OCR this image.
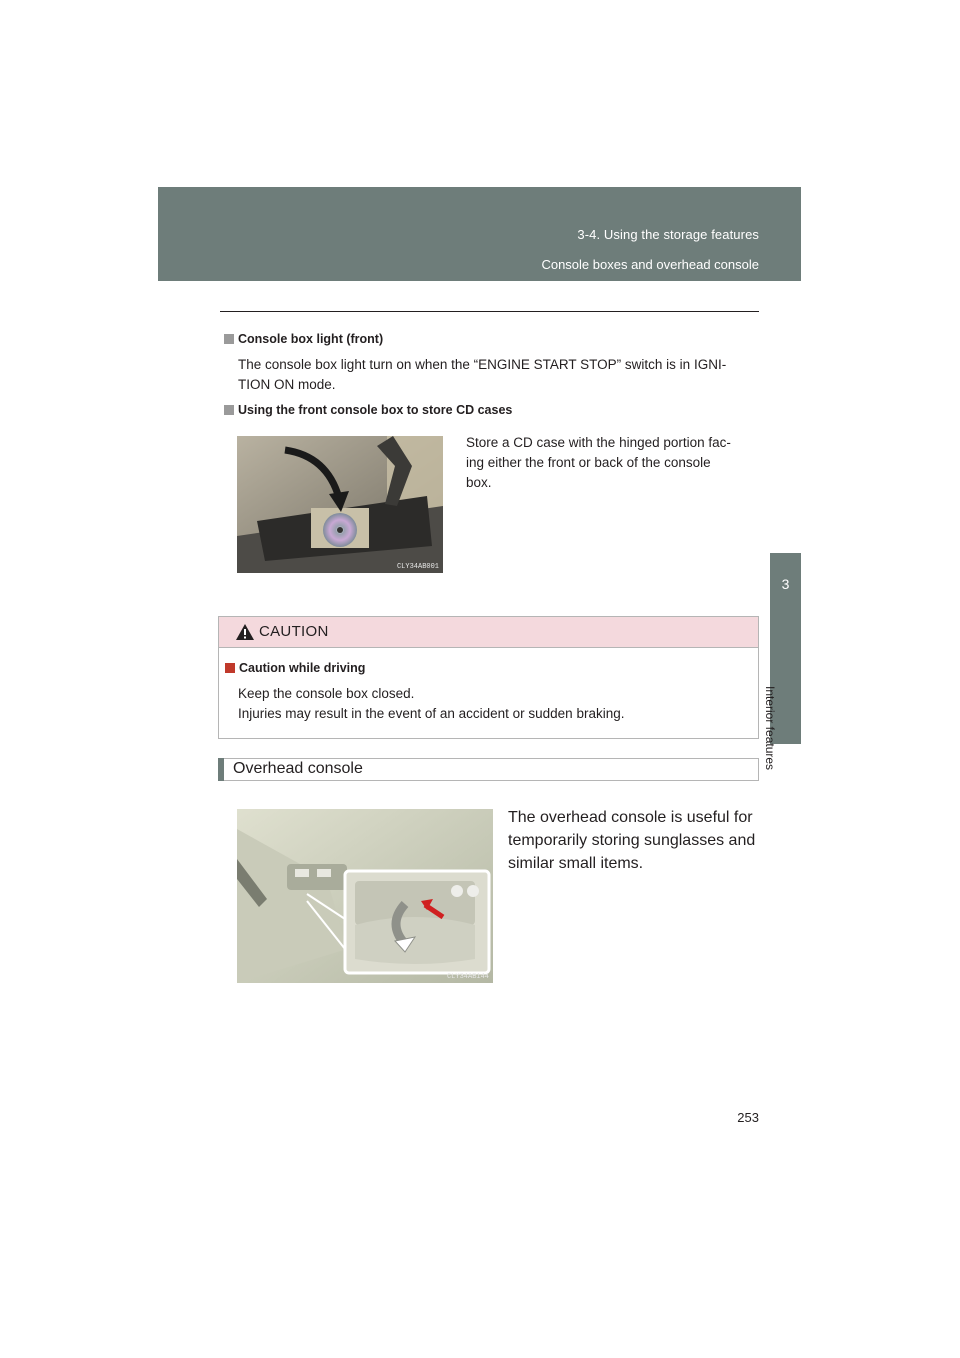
3-4. Using the storage features
Console boxes and overhead console
3
Interior features
Console box light (front)
The console box light turn on when the “ENGINE START STOP” switch is in IGNI-
TION ON mode.
Using the front console box to store CD cases
CLY34AB001
Store a CD case with the hinged portion fac-
ing either the front or back of the console
box.
CAUTION
Caution while driving
Keep the console box closed.
Injuries may result in the event of an accident or sudden braking.
Overhead console
CLY34AB144
The overhead console is useful for
temporarily storing sunglasses and
similar small items.
253
